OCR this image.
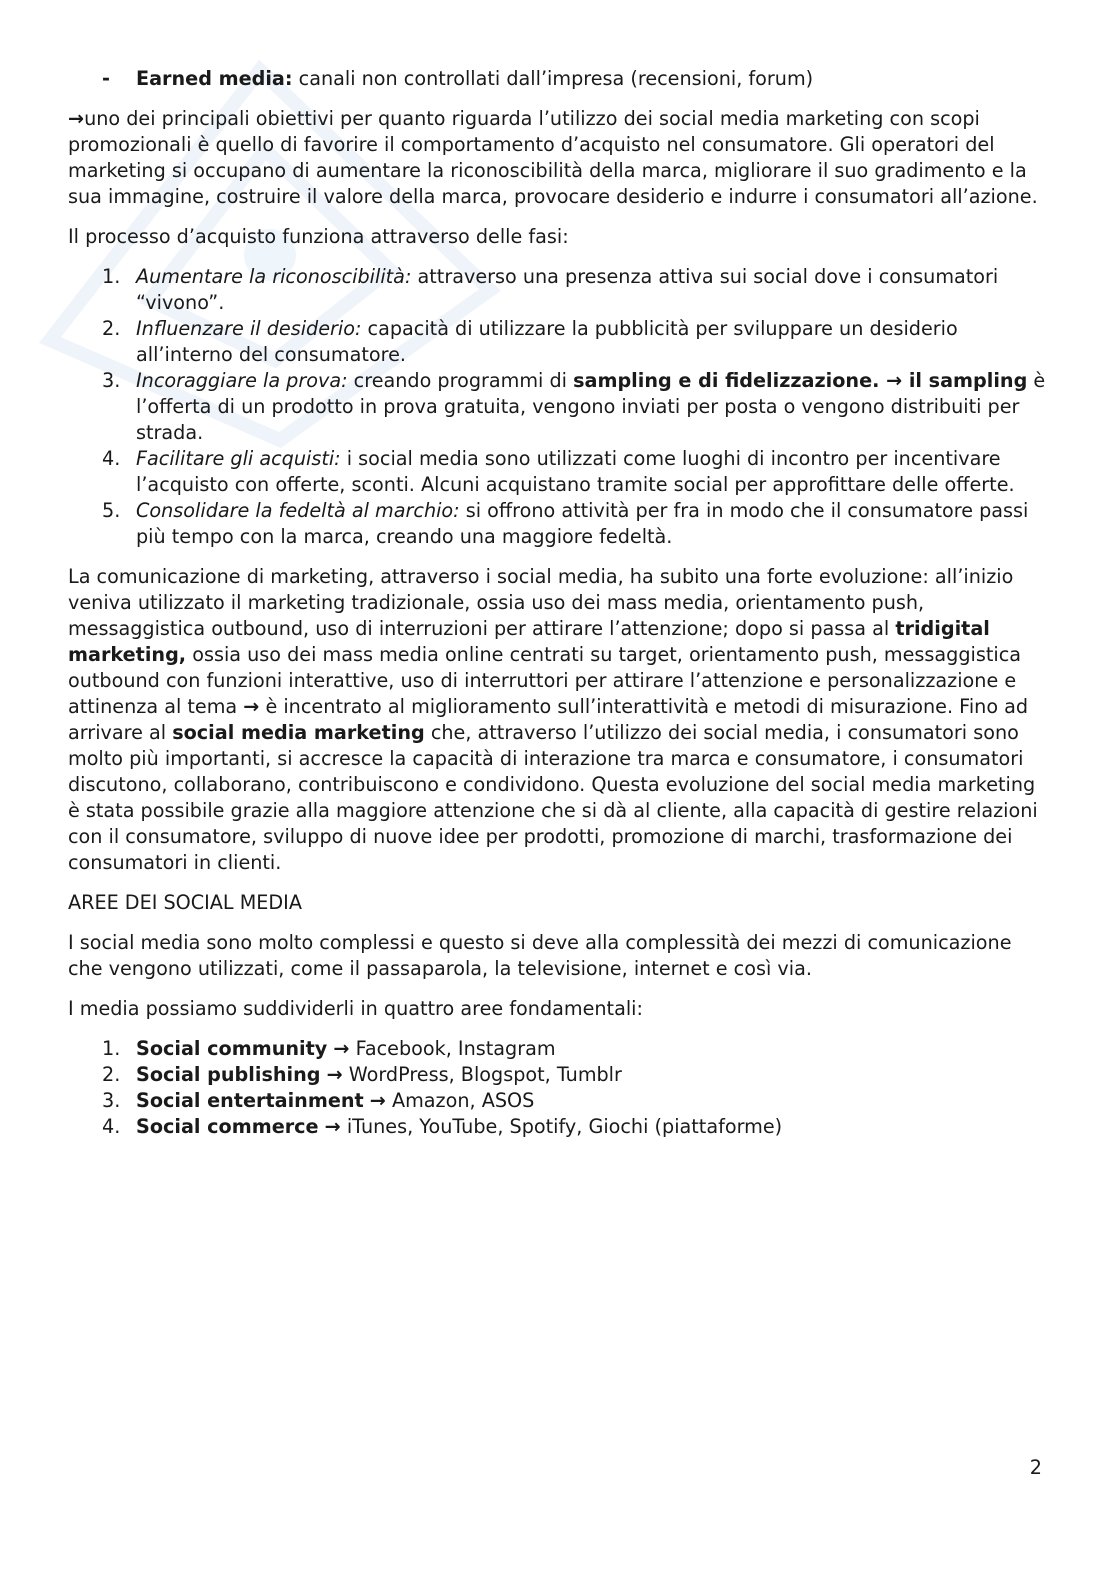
- Earned media: canali non controllati dall’impresa (recensioni, forum)

→uno dei principali obiettivi per quanto riguarda l’utilizzo dei social media marketing con scopi promozionali è quello di favorire il comportamento d’acquisto nel consumatore. Gli operatori del marketing si occupano di aumentare la riconoscibilità della marca, migliorare il suo gradimento e la sua immagine, costruire il valore della marca, provocare desiderio e indurre i consumatori all’azione.

Il processo d’acquisto funziona attraverso delle fasi:

1. Aumentare la riconoscibilità: attraverso una presenza attiva sui social dove i consumatori “vivono”.
2. Influenzare il desiderio: capacità di utilizzare la pubblicità per sviluppare un desiderio all’interno del consumatore.
3. Incoraggiare la prova: creando programmi di sampling e di fidelizzazione. → il sampling è l’offerta di un prodotto in prova gratuita, vengono inviati per posta o vengono distribuiti per strada.
4. Facilitare gli acquisti: i social media sono utilizzati come luoghi di incontro per incentivare l’acquisto con offerte, sconti. Alcuni acquistano tramite social per approfittare delle offerte.
5. Consolidare la fedeltà al marchio: si offrono attività per fra in modo che il consumatore passi più tempo con la marca, creando una maggiore fedeltà.

La comunicazione di marketing, attraverso i social media, ha subito una forte evoluzione: all’inizio veniva utilizzato il marketing tradizionale, ossia uso dei mass media, orientamento push, messaggistica outbound, uso di interruzioni per attirare l’attenzione; dopo si passa al tridigital marketing, ossia uso dei mass media online centrati su target, orientamento push, messaggistica outbound con funzioni interattive, uso di interruttori per attirare l’attenzione e personalizzazione e attinenza al tema → è incentrato al miglioramento sull’interattività e metodi di misurazione. Fino ad arrivare al social media marketing che, attraverso l’utilizzo dei social media, i consumatori sono molto più importanti, si accresce la capacità di interazione tra marca e consumatore, i consumatori discutono, collaborano, contribuiscono e condividono. Questa evoluzione del social media marketing è stata possibile grazie alla maggiore attenzione che si dà al cliente, alla capacità di gestire relazioni con il consumatore, sviluppo di nuove idee per prodotti, promozione di marchi, trasformazione dei consumatori in clienti.

AREE DEI SOCIAL MEDIA

I social media sono molto complessi e questo si deve alla complessità dei mezzi di comunicazione che vengono utilizzati, come il passaparola, la televisione, internet e così via.

I media possiamo suddividerli in quattro aree fondamentali:

1. Social community → Facebook, Instagram
2. Social publishing → WordPress, Blogspot, Tumblr
3. Social entertainment → Amazon, ASOS
4. Social commerce → iTunes, YouTube, Spotify, Giochi (piattaforme)
2
